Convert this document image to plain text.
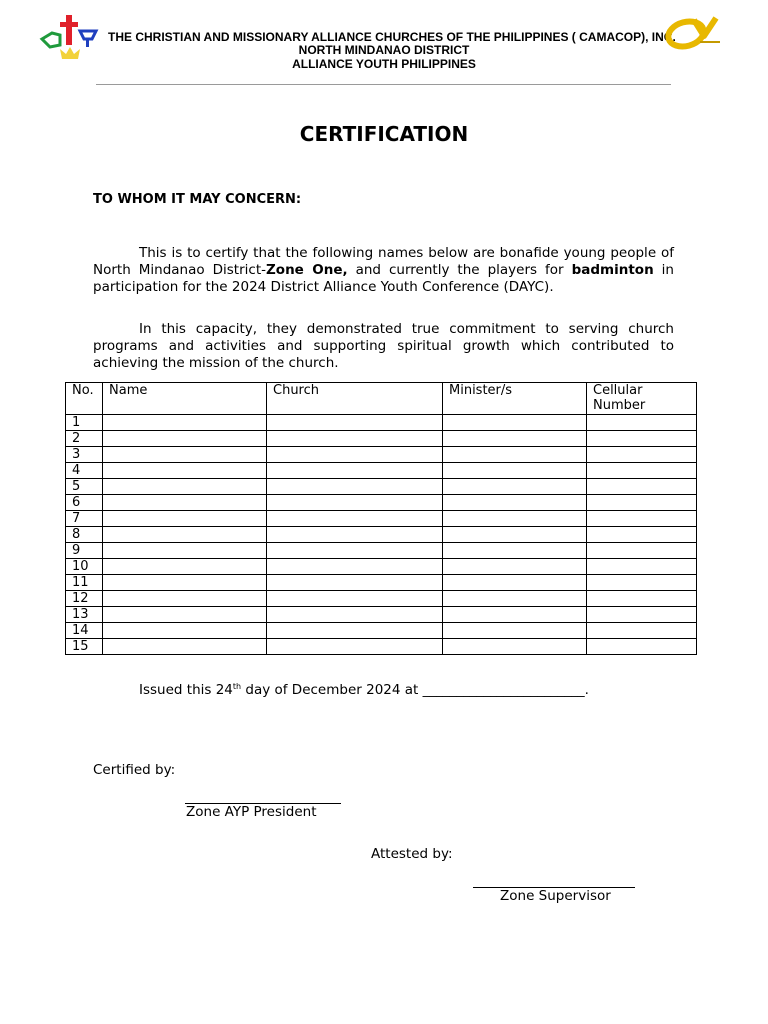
THE CHRISTIAN AND MISSIONARY ALLIANCE CHURCHES OF THE PHILIPPINES ( CAMACOP), INC.
NORTH MINDANAO DISTRICT
ALLIANCE YOUTH PHILIPPINES
CERTIFICATION
TO WHOM IT MAY CONCERN:
This is to certify that the following names below are bonafide young people of North Mindanao District-Zone One, and currently the players for badminton in participation for the 2024 District Alliance Youth Conference (DAYC).
In this capacity, they demonstrated true commitment to serving church programs and activities and supporting spiritual growth which contributed to achieving the mission of the church.
No.	Name	Church	Minister/s	Cellular Number
1				
2				
3				
4				
5				
6				
7				
8				
9				
10				
11				
12				
13				
14				
15				
Issued this 24th day of December 2024 at ________________________.
Certified by:
Zone AYP President
Attested by:
Zone Supervisor
